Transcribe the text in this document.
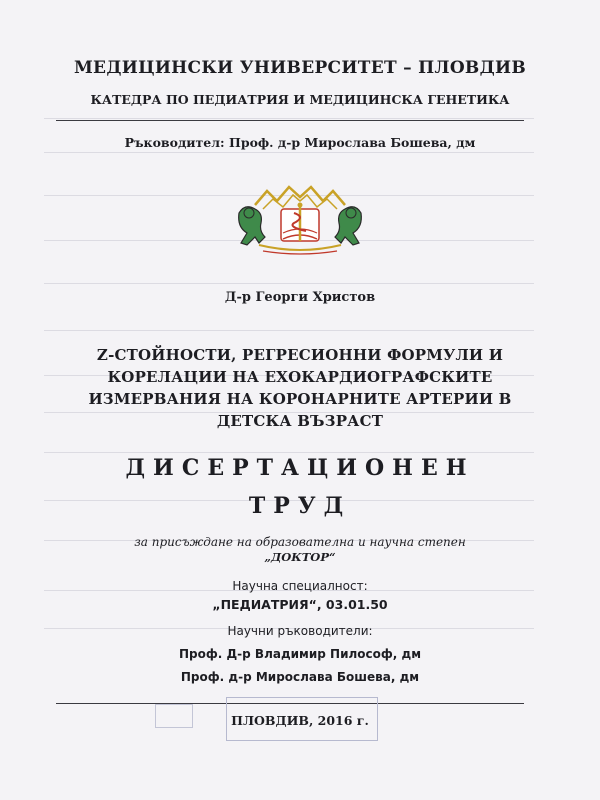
МЕДИЦИНСКИ УНИВЕРСИТЕТ – ПЛОВДИВ
КАТЕДРА ПО ПЕДИАТРИЯ И МЕДИЦИНСКА ГЕНЕТИКА
Ръководител: Проф. д-р Мирослава Бошева, дм
Д-р Георги Христов
Z-СТОЙНОСТИ, РЕГРЕСИОННИ ФОРМУЛИ И
КОРЕЛАЦИИ НА ЕХОКАРДИОГРАФСКИТЕ
ИЗМЕРВАНИЯ НА КОРОНАРНИТЕ АРТЕРИИ В
ДЕТСКА ВЪЗРАСТ
ДИСЕРТАЦИОНЕН
ТРУД
за присъждане на образователна и научна степен
„ДОКТОР“
Научна специалност:
„ПЕДИАТРИЯ“, 03.01.50
Научни ръководители:
Проф. Д-р Владимир Пилософ, дм
Проф. д-р Мирослава Бошева, дм
ПЛОВДИВ, 2016 г.
